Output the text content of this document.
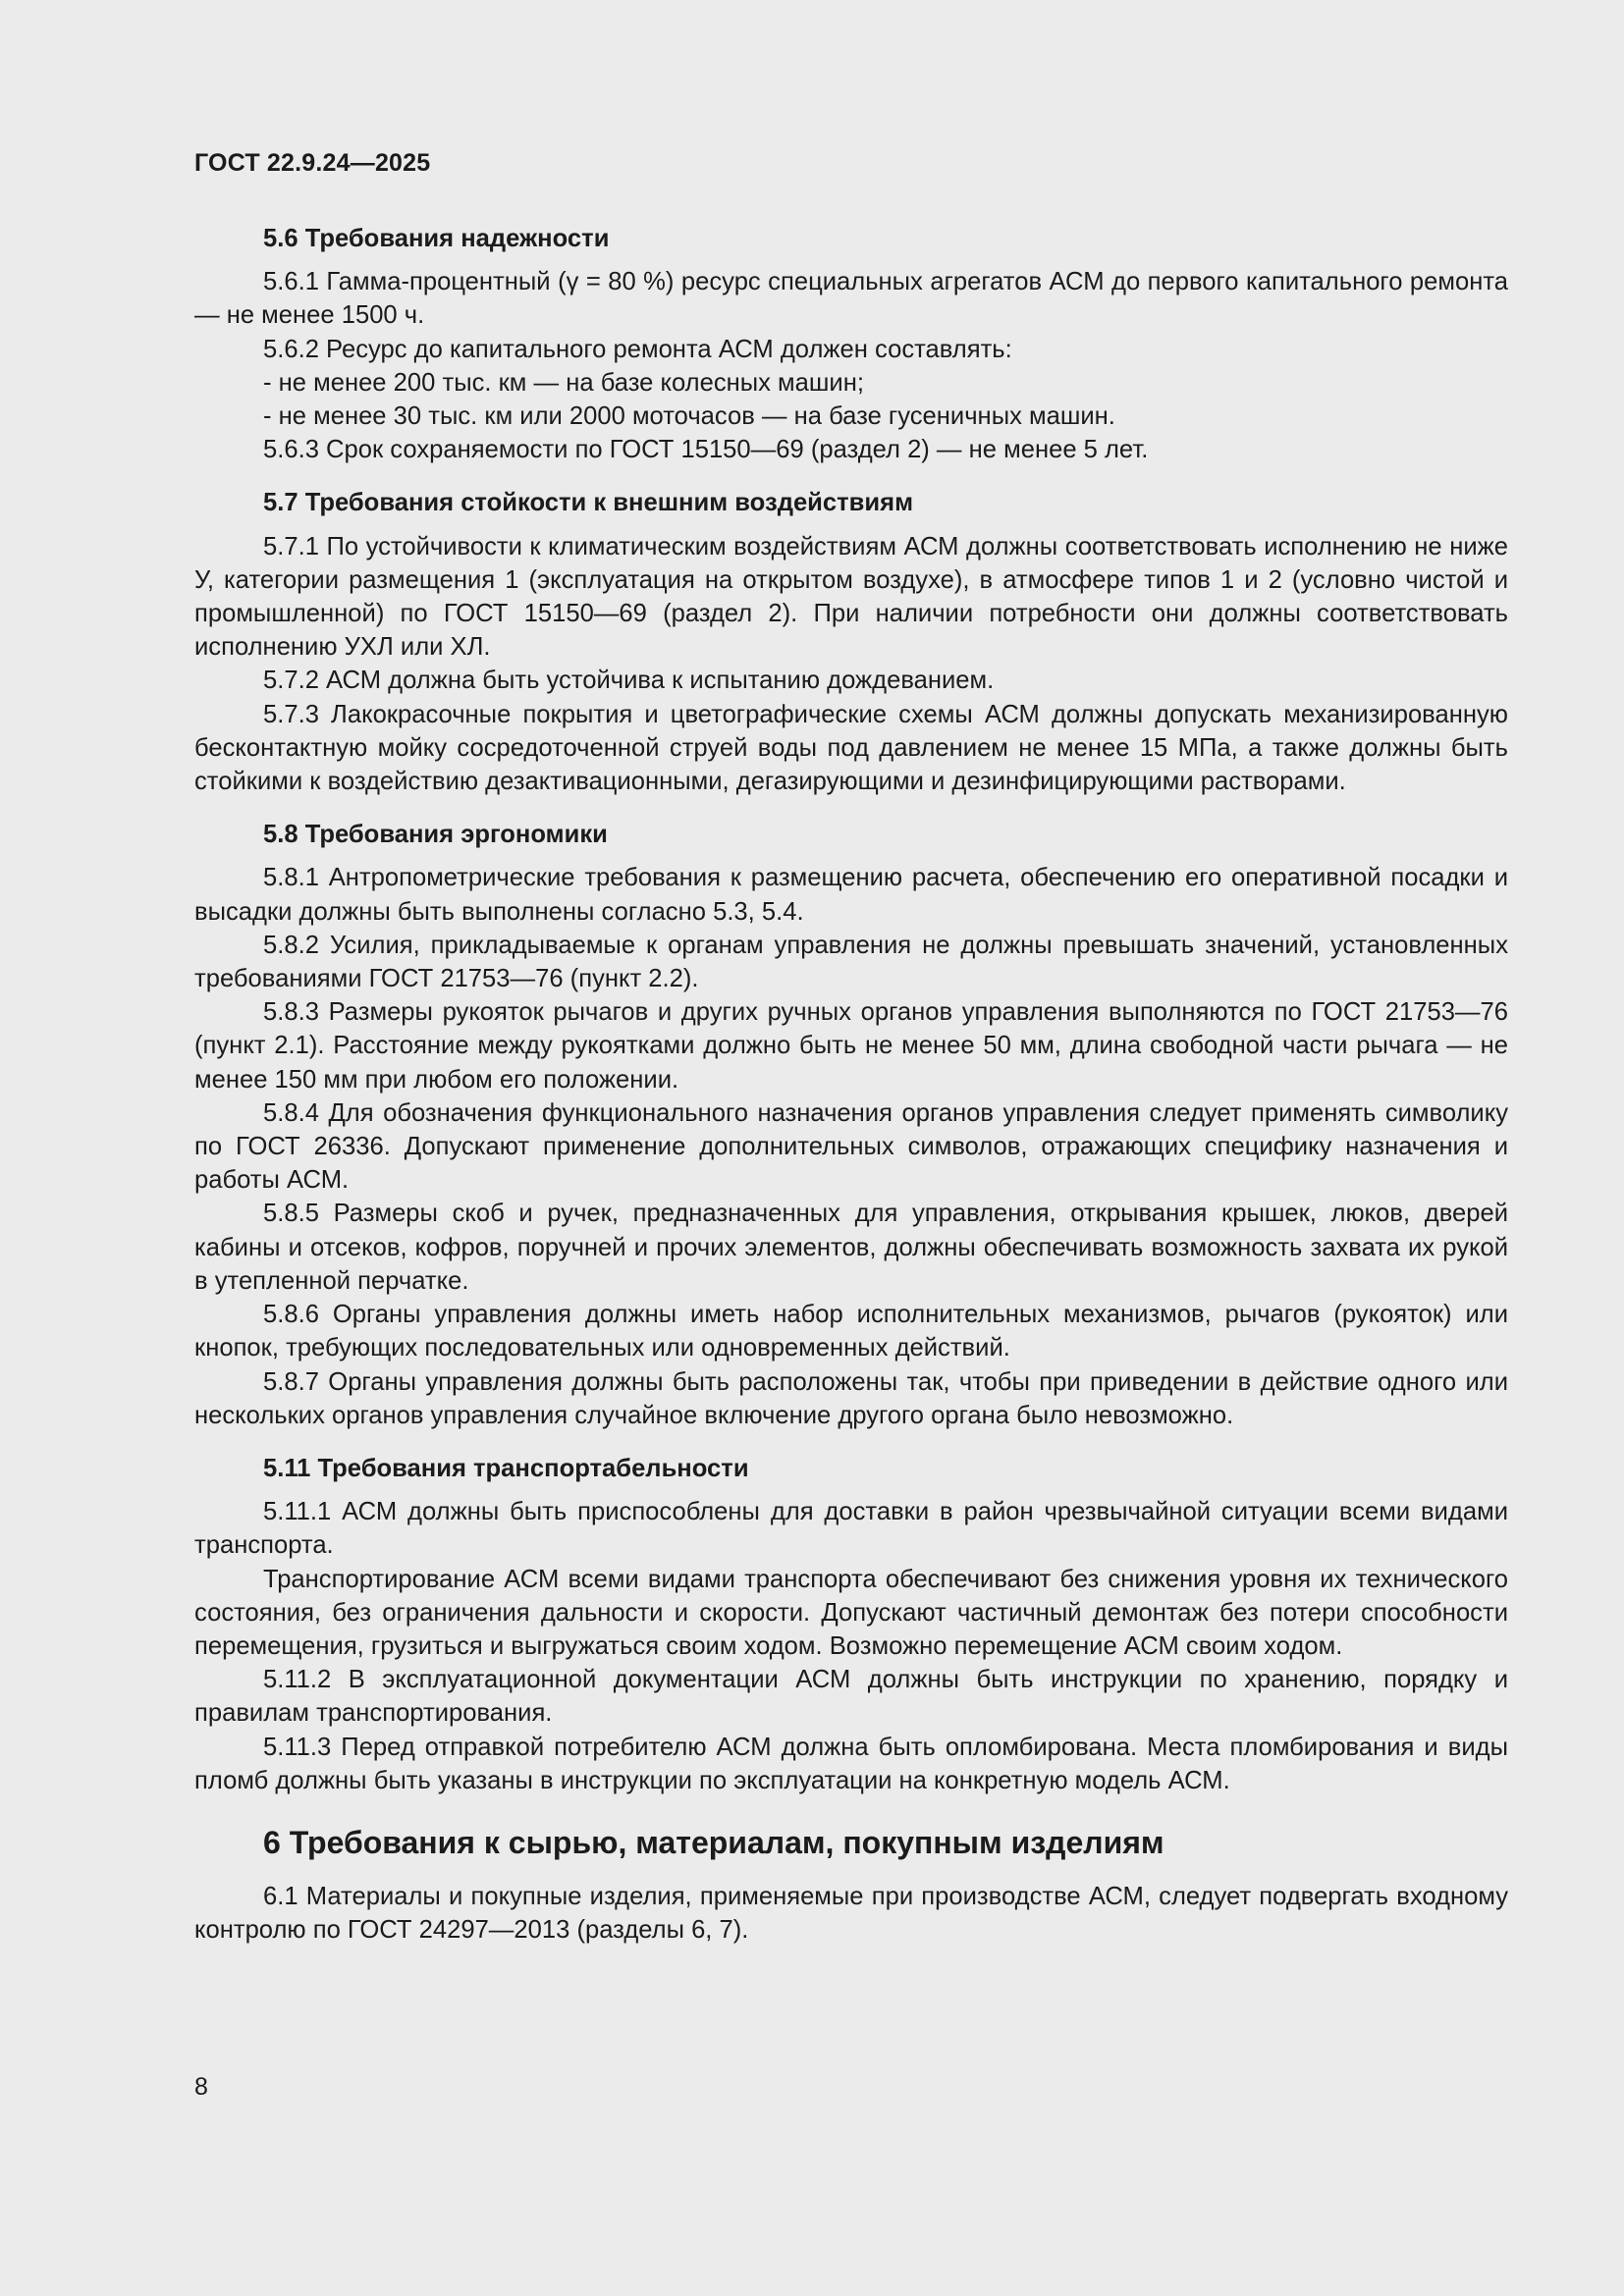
ГОСТ 22.9.24—2025
5.6 Требования надежности

5.6.1 Гамма-процентный (γ = 80 %) ресурс специальных агрегатов АСМ до первого капитального ремонта — не менее 1500 ч.

5.6.2 Ресурс до капитального ремонта АСМ должен составлять:

- не менее 200 тыс. км — на базе колесных машин;

- не менее 30 тыс. км или 2000 моточасов — на базе гусеничных машин.

5.6.3 Срок сохраняемости по ГОСТ 15150—69 (раздел 2) — не менее 5 лет.

5.7 Требования стойкости к внешним воздействиям

5.7.1 По устойчивости к климатическим воздействиям АСМ должны соответствовать исполнению не ниже У, категории размещения 1 (эксплуатация на открытом воздухе), в атмосфере типов 1 и 2 (условно чистой и промышленной) по ГОСТ 15150—69 (раздел 2). При наличии потребности они должны соответствовать исполнению УХЛ или ХЛ.

5.7.2 АСМ должна быть устойчива к испытанию дождеванием.

5.7.3 Лакокрасочные покрытия и цветографические схемы АСМ должны допускать механизированную бесконтактную мойку сосредоточенной струей воды под давлением не менее 15 МПа, а также должны быть стойкими к воздействию дезактивационными, дегазирующими и дезинфицирующими растворами.

5.8 Требования эргономики

5.8.1 Антропометрические требования к размещению расчета, обеспечению его оперативной посадки и высадки должны быть выполнены согласно 5.3, 5.4.

5.8.2 Усилия, прикладываемые к органам управления не должны превышать значений, установленных требованиями ГОСТ 21753—76 (пункт 2.2).

5.8.3 Размеры рукояток рычагов и других ручных органов управления выполняются по ГОСТ 21753—76 (пункт 2.1). Расстояние между рукоятками должно быть не менее 50 мм, длина свободной части рычага — не менее 150 мм при любом его положении.

5.8.4 Для обозначения функционального назначения органов управления следует применять символику по ГОСТ 26336. Допускают применение дополнительных символов, отражающих специфику назначения и работы АСМ.

5.8.5 Размеры скоб и ручек, предназначенных для управления, открывания крышек, люков, дверей кабины и отсеков, кофров, поручней и прочих элементов, должны обеспечивать возможность захвата их рукой в утепленной перчатке.

5.8.6 Органы управления должны иметь набор исполнительных механизмов, рычагов (рукояток) или кнопок, требующих последовательных или одновременных действий.

5.8.7 Органы управления должны быть расположены так, чтобы при приведении в действие одного или нескольких органов управления случайное включение другого органа было невозможно.

5.11 Требования транспортабельности

5.11.1 АСМ должны быть приспособлены для доставки в район чрезвычайной ситуации всеми видами транспорта.

Транспортирование АСМ всеми видами транспорта обеспечивают без снижения уровня их технического состояния, без ограничения дальности и скорости. Допускают частичный демонтаж без потери способности перемещения, грузиться и выгружаться своим ходом. Возможно перемещение АСМ своим ходом.

5.11.2 В эксплуатационной документации АСМ должны быть инструкции по хранению, порядку и правилам транспортирования.

5.11.3 Перед отправкой потребителю АСМ должна быть опломбирована. Места пломбирования и виды пломб должны быть указаны в инструкции по эксплуатации на конкретную модель АСМ.

6 Требования к сырью, материалам, покупным изделиям

6.1 Материалы и покупные изделия, применяемые при производстве АСМ, следует подвергать входному контролю по ГОСТ 24297—2013 (разделы 6, 7).

8
